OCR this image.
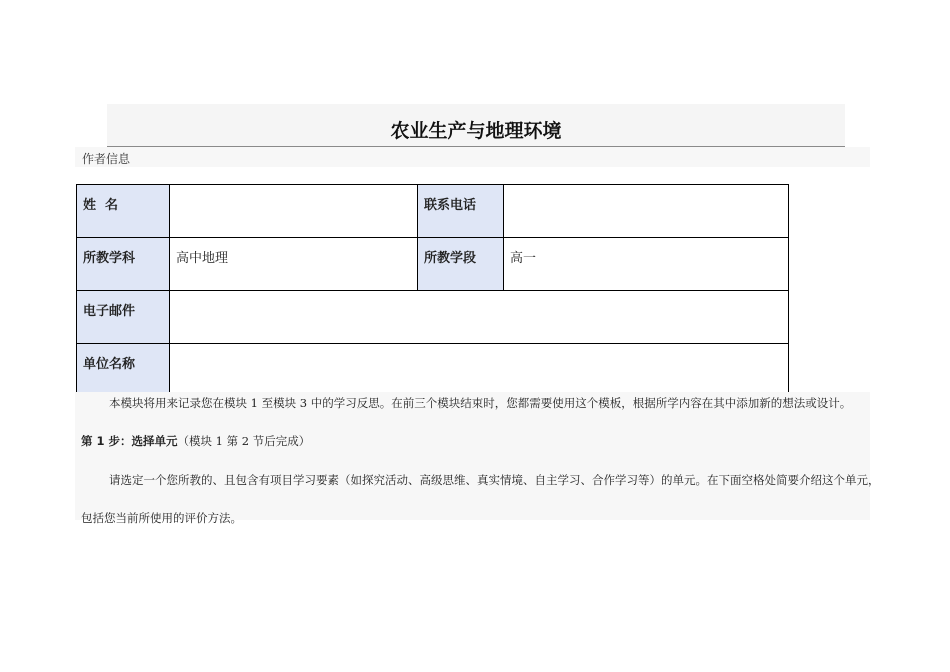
农业生产与地理环境
作者信息
姓  名		联系电话	
所教学科	高中地理	所教学段	高一
电子邮件			
单位名称			
本模块将用来记录您在模块 1 至模块 3 中的学习反思。在前三个模块结束时，您都需要使用这个模板，根据所学内容在其中添加新的想法或设计。
第 1 步：选择单元（模块 1 第 2 节后完成）
请选定一个您所教的、且包含有项目学习要素（如探究活动、高级思维、真实情境、自主学习、合作学习等）的单元。在下面空格处简要介绍这个单元，
包括您当前所使用的评价方法。
